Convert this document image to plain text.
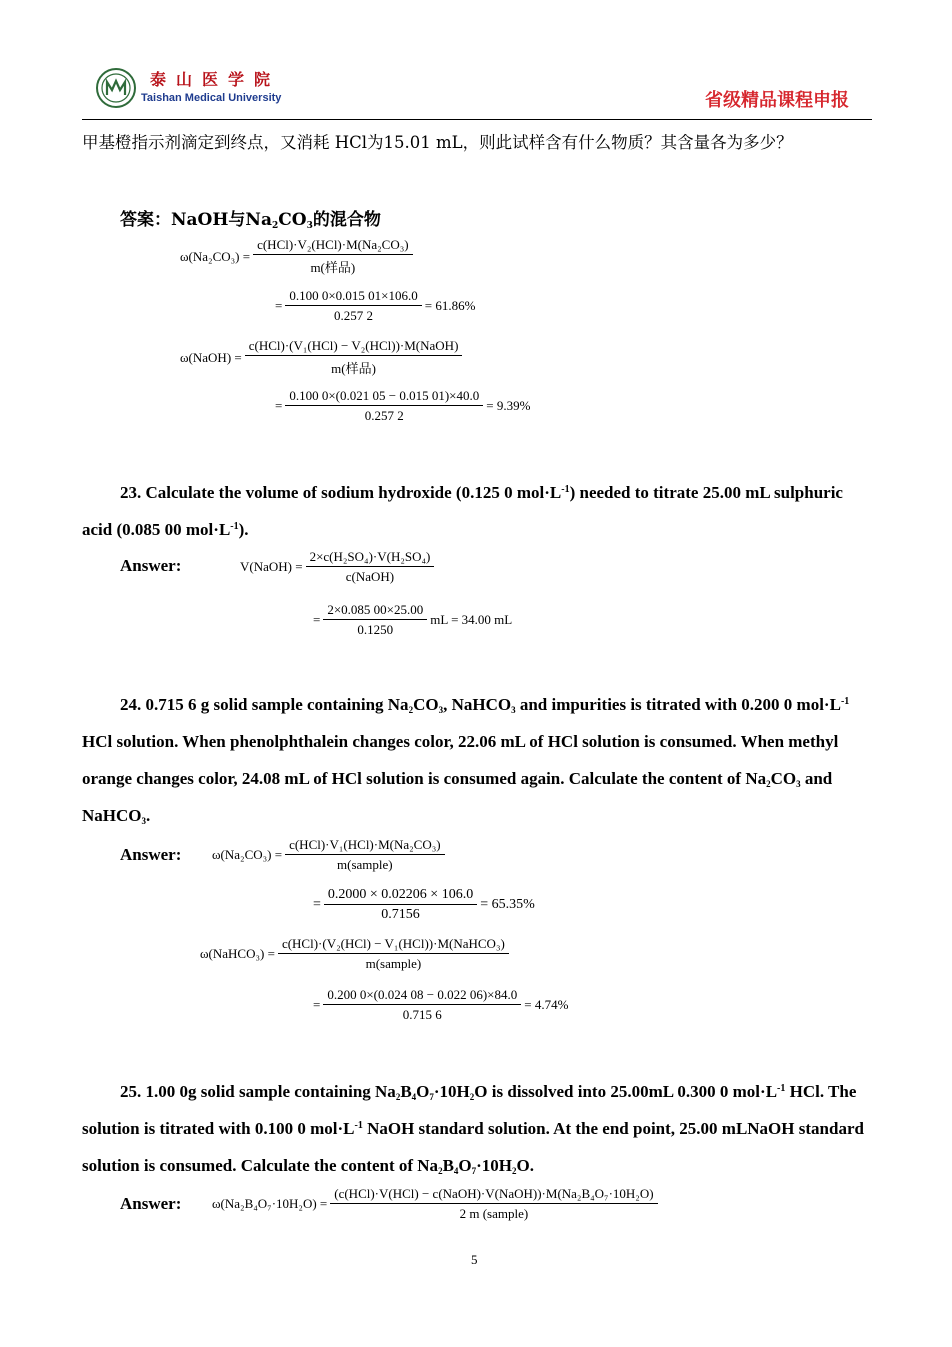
泰山医学院
Taishan Medical University	省级精品课程申报
甲基橙指示剂滴定到终点，又消耗 HCl为15.01 mL，则此试样含有什么物质？其含量各为多少？
答案：NaOH与$Na_2CO_3$的混合物
$\omega(Na_2CO_3) = \frac{\text{c(HCl)·V₂(HCl)·M(Na₂CO₃)}}{\text{m(样品)}}$
= $\frac{0.100 0\times 0.015 01\times 106.0}{0.257 2} = 61.86\%$
ω(NaOH) = $\frac{\text{c(HCl)·(V₁(HCl) − V₂(HCl))·M(NaOH)}}{\text{m(样品)}}$
= $\frac{0.100 0\times(0.021 05 - 0.015 01)\times 40.0}{0.257 2} = 9.39\%$
23. Calculate the volume of sodium hydroxide (0.125 0 $mol\cdot L^{-1}$) needed to titrate 25.00 mL sulphuric acid (0.085 00 $mol\cdot L^{-1}$).
Answer:	V(NaOH) = $\frac{\text{2×c(H₂SO₄)·V(H₂SO₄)}}{\text{c(NaOH)}}$
= $\frac{2\times 0.085 00\times 25.00}{0.1250}$ mL = 34.00 mL
24. 0.715 6 g solid sample containing $Na_2CO_3$, NaHCO$_3$ and impurities is titrated with 0.200 0 $mol\cdot L^{-1}$ HCl solution. When phenolphthalein changes color, 22.06 mL of HCl solution is consumed. When methyl orange changes color, 24.08 mL of HCl solution is consumed again. Calculate the content of $Na_2CO_3$ and NaHCO$_3$.
Answer: $\omega(Na_2CO_3) = \frac{\text{c(HCl)·V₁(HCl)·M(Na₂CO₃)}}{\text{m(sample)}}$
= $\frac{0.2000 \times 0.02206 \times 106.0}{0.7156} = 65.35\%$
ω(NaHCO₃) = $\frac{\text{c(HCl)·(V₂(HCl) − V₁(HCl))·M(NaHCO₃)}}{\text{m(sample)}}$
= $\frac{0.200 0\times(0.024 08 - 0.022 06)\times 84.0}{0.715 6} = 4.74\%$
25. 1.00 0g solid sample containing $Na_2B_4O_7\cdot 10H_2O$ is dissolved into 25.00mL 0.300 0 $mol\cdot L^{-1}$ HCl. The solution is titrated with 0.100 0 $mol\cdot L^{-1}$ NaOH standard solution. At the end point, 25.00 mLNaOH standard solution is consumed. Calculate the content of $Na_2B_4O_7\cdot 10H_2O$.
Answer: $\omega(Na_2B_4O_7\cdot 10H_2O) = \frac{\text{(c(HCl)·V(HCl) − c(NaOH)·V(NaOH))·M(Na₂B₄O₇·10H₂O)}}{\text{2 m (sample)}}$
5
